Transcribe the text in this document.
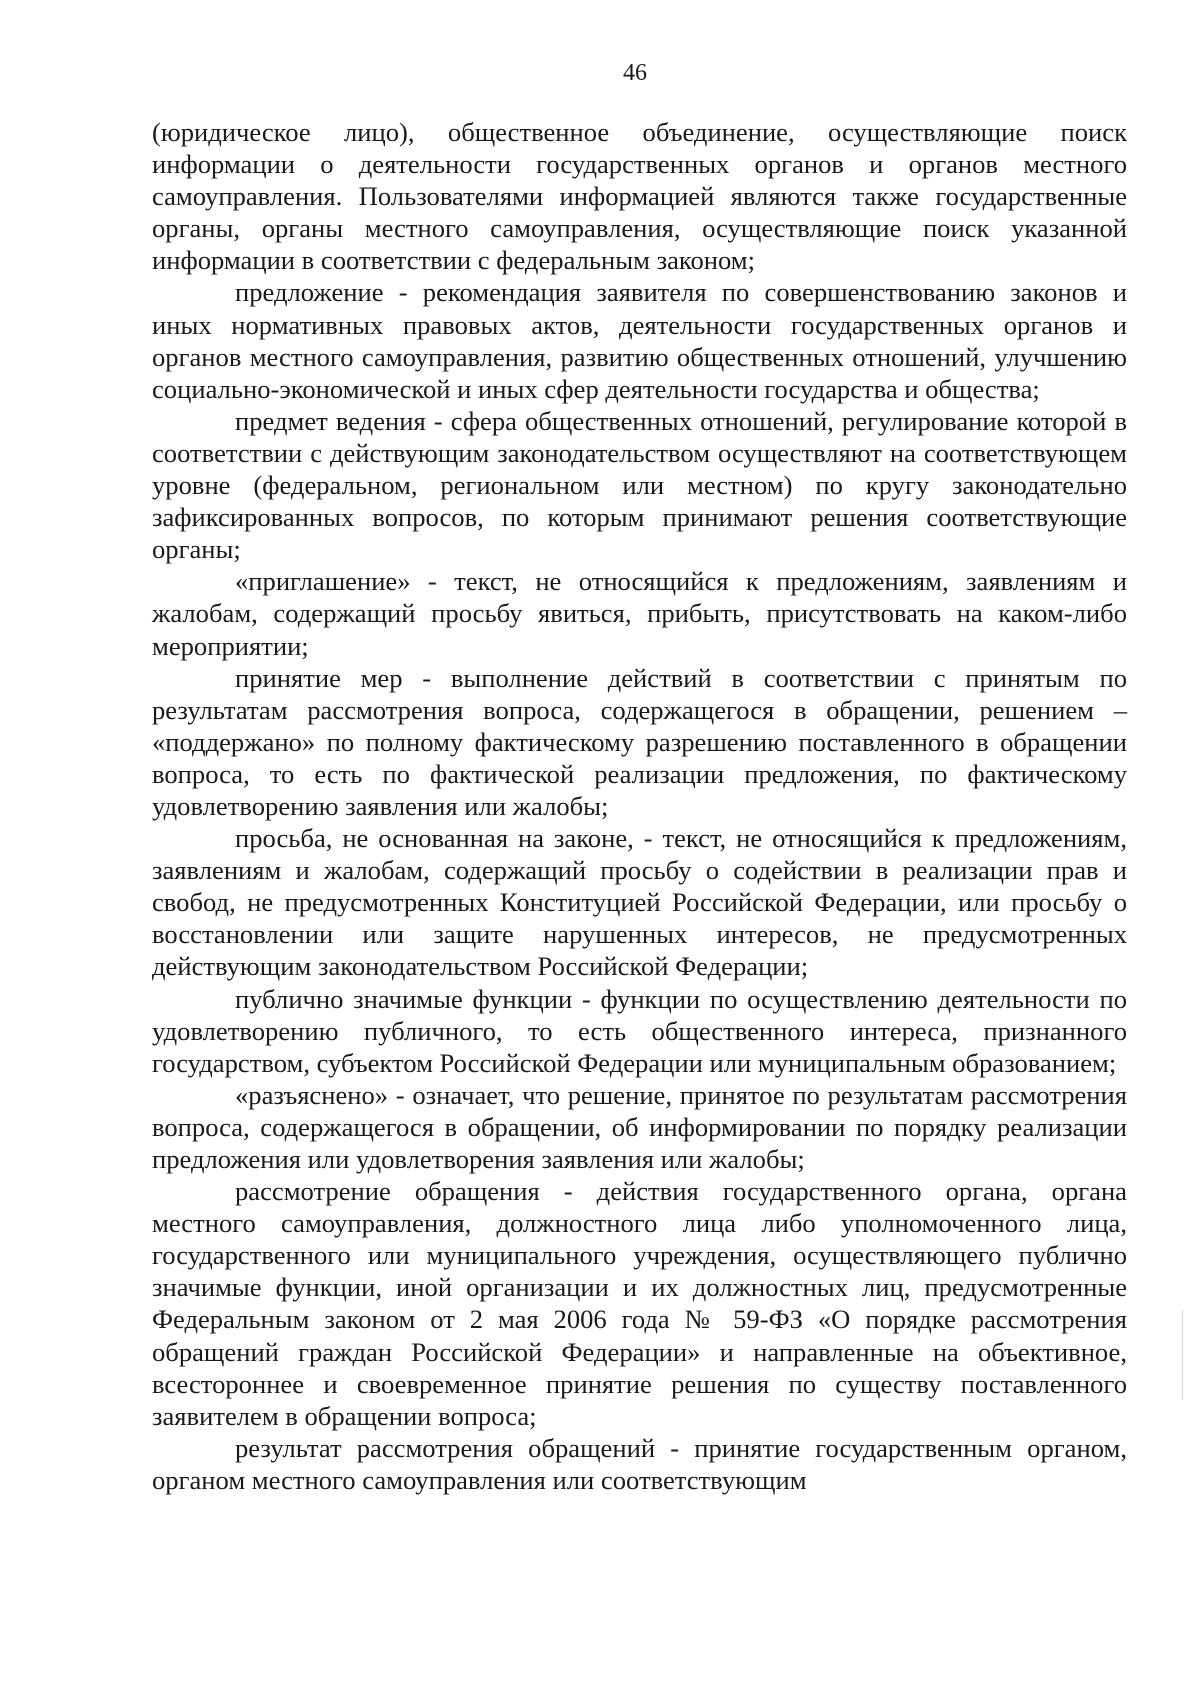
46

(юридическое лицо), общественное объединение, осуществляющие поиск информации о деятельности государственных органов и органов местного самоуправления. Пользователями информацией являются также государственные органы, органы местного самоуправления, осуществляющие поиск указанной информации в соответствии с федеральным законом;

предложение - рекомендация заявителя по совершенствованию законов и иных нормативных правовых актов, деятельности государственных органов и органов местного самоуправления, развитию общественных отношений, улучшению социально-экономической и иных сфер деятельности государства и общества;

предмет ведения - сфера общественных отношений, регулирование которой в соответствии с действующим законодательством осуществляют на соответствующем уровне (федеральном, региональном или местном) по кругу законодательно зафиксированных вопросов, по которым принимают решения соответствующие органы;

«приглашение» - текст, не относящийся к предложениям, заявлениям и жалобам, содержащий просьбу явиться, прибыть, присутствовать на каком-либо мероприятии;

принятие мер - выполнение действий в соответствии с принятым по результатам рассмотрения вопроса, содержащегося в обращении, решением – «поддержано» по полному фактическому разрешению поставленного в обращении вопроса, то есть по фактической реализации предложения, по фактическому удовлетворению заявления или жалобы;

просьба, не основанная на законе, - текст, не относящийся к предложениям, заявлениям и жалобам, содержащий просьбу о содействии в реализации прав и свобод, не предусмотренных Конституцией Российской Федерации, или просьбу о восстановлении или защите нарушенных интересов, не предусмотренных действующим законодательством Российской Федерации;

публично значимые функции - функции по осуществлению деятельности по удовлетворению публичного, то есть общественного интереса, признанного государством, субъектом Российской Федерации или муниципальным образованием;

«разъяснено» - означает, что решение, принятое по результатам рассмотрения вопроса, содержащегося в обращении, об информировании по порядку реализации предложения или удовлетворения заявления или жалобы;

рассмотрение обращения - действия государственного органа, органа местного самоуправления, должностного лица либо уполномоченного лица, государственного или муниципального учреждения, осуществляющего публично значимые функции, иной организации и их должностных лиц, предусмотренные Федеральным законом от 2 мая 2006 года № 59-ФЗ «О порядке рассмотрения обращений граждан Российской Федерации» и направленные на объективное, всестороннее и своевременное принятие решения по существу поставленного заявителем в обращении вопроса;

результат рассмотрения обращений - принятие государственным органом, органом местного самоуправления или соответствующим
